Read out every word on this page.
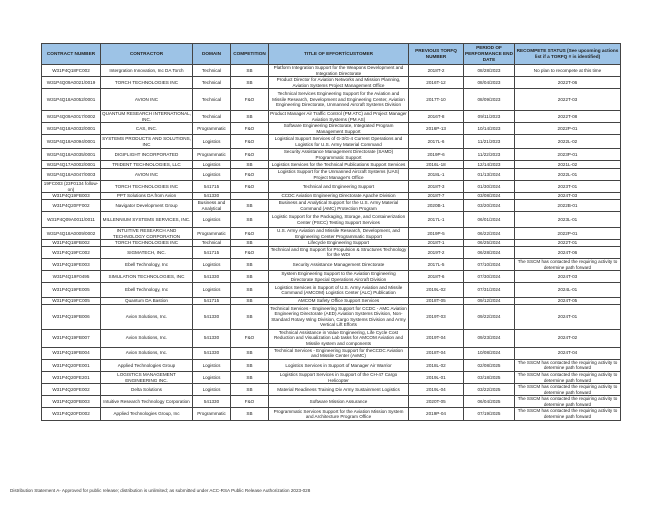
CONTRACT NUMBER	CONTRACTOR	DOMAIN	COMPETITION	TITLE OF EFFORT/CUSTOMER	PREVIOUS TORFQ NUMBER	PERIOD OF PERFORMANCE END DATE	RECOMPETE STATUS (See upcoming actions list if a TORFQ # is identified)
W31P4Q18FC002	Intergration Innovation, Inc DA Torch	Technical	SB	Platform Integration Support for the Weapons Development and Integration Directorate	2018T-2	08/28/2023	No plan to recompete at this time
W31P4Q09A0021/0019	TORCH TECHNOLOGIES INC	Technical	SB	Product Director for Aviation Networks and Mission Planning, Aviation Systems Project Management Office	2016T-12	08/04/2023	2022T-06
W31P4Q18A0052/0001	AVION INC	Technical	F&O	Technical Services Engineering Support for the Aviation and Missile Research, Development and Engineering Center, Aviation Engineering Directorate, Unmanned Aircraft Systems Division	2017T-10	08/09/2023	2022T-03
W31P4Q09A0017/0002	QUANTUM RESEARCH INTERNATIONAL, INC.	Technical	SB	Product Manager Air Traffic Control (PM ATC) and Project Manager Aviation Systems (PM AS)	2016T-8	09/11/2023	2022T-08
W31P4Q18A0032/0001	CAS, INC.	Programmatic	F&O	Software Engineering Directorate, Integrated Program Management Support	2016P-13	10/14/2023	2022P-01
W31P4Q18A0094/0001	SYSTEMS PRODUCTS AND SOLUTIONS, INC	Logistics	F&O	Logistical Support Services of G-3/G-4 Current Operations and Logistics for U.S. Army Material Command	2017L-6	11/21/2023	2022L-02
W31P4Q18A0035/0001	DIGIFLIGHT INCORPORATED	Programmatic	F&O	Security Assistance Management Directorate (SAMD) Programmatic Support	2019P-6	11/22/2023	2023P-01
W31P4Q17A0002/0001	TRIDENT TECHNOLOGIES, LLC	Logistics	SB	Logistics Services for the Technical Publications Support Services	2016L-18	12/14/2023	2021L-02
W31P4Q18A0047/0003	AVION INC	Logistics	F&O	Logistics Support for the Unmanned Aircraft Systems (UAS) Project Manager's Office	2018L-1	01/13/2024	2022L-01
19FC003 (23F0134 follow-on)	TORCH TECHNOLOGIES INC	541715	F&O	Technical and Engineering Support	2018T-3	01/30/2024	2023T-01
W31P4Q19FB003	PPT Solutions DA from Avion	541330		CCDC Aviation Engineering Directorate Apache Division	2018T-7	03/08/2024	2024T-03
W31P4Q20FF002	Navigator Development Group	Business and Analytical	SB	Business and Analytical Support for the U.S. Army Material Command (AMC) Protection Program	2020B-1	03/20/2024	2022B-01
W31P4Q09A0011/0011	MILLENNIUM SYSTEMS SERVICES, INC.	Logistics	SB	Logistic Support for the Packaging, Storage, and Containerization Center (PSCC) Testing Support Services	2017L-1	06/01/2024	2023L-01
W31P4Q18A0009/0002	INTUITIVE RESEARCH AND TECHNOLOGY CORPORATION	Programmatic	F&O	U.S. Army Aviation and Missile Research, Development, and Engineering Center Programmatic Support	2019P-5	06/22/2024	2022P-01
W31P4Q18FB002	TORCH TECHNOLOGIES INC	Technical	SB	Lifecycle Engineering Support	2018T-1	06/25/2024	2022T-01
W31P4Q19FC002	SIGMATECH, INC.	541715	F&O	Technical and Eng Support for Propulsion & Structures Technology for the WDI	2019T-2	06/28/2024	2024T-06
W31P4Q19FE003	Ebell Technology, Inc	Logistics	SB	Security Assistance Management Directorate	2017L-5	07/10/2024	The SSCM has contacted the requiring activity to determine path forward
W31P4Q19F0495	SIMULATION TECHNOLOGIES, INC	541330	SB	System Engineering Support to the Aviation Engineering Directorate Special Operations Aircraft Division	2018T-6	07/30/2024	2024T-03
W31P4Q19FE005	Ebell Technology, Inc	Logistics	SB	Logistics Services in Support of U.S. Army Aviation and Missile Command (AMCOM) Logistics Center (ALC) Publication	2019L-02	07/31/2024	2024L-01
W31P4Q19FC005	Quantum DA Bastion	541715	SB	AMCOM Safety Office Support Services	2018T-05	09/12/2024	2024T-05
W31P4Q19FB006	Avion Solutions, Inc.	541330	SB	Technical Services - Engineering Support for CCDC - AMC Aviation Engineering Directorate (AED) Aviation Systems Division, Non-Standard Rotary Wing Division, Cargo Systems Division and Army Vertical Lift Efforts	2019T-03	09/22/2024	2024T-01
W31P4Q19FB007	Avion Solutions, Inc.	541330	F&O	Technical Assistance in Value Engineering, Life Cycle Cost Reduction and Visualization Lab tasks for AMCOM Aviation and Missile system and components	2019T-04	09/23/2024	2024T-02
W31P4Q19FB004	Avion Solutions, Inc.	541330	SB	Technical Services - Engineering Support for theCCDC Aviation and Missile Center (AvMC)	2018T-04	10/08/2024	2024T-04
W31P4Q20FE001	Applied Technologies Group	Logistics	SB	Logistics Services in Support of Manager Air Warrior	2018L-02	02/08/2025	The SSCM has contacted the requiring activity to determine path forward
W31P4Q20FE201	LOGISTICS MANAGEMENT ENGINEERING INC.	Logistics	SB	Logistics Support Services in Support of the CH-47 Cargo Helicopter	2019L-01	03/18/2025	The SSCM has contacted the requiring activity to determine path forward
W31P4Q20FE002	Delta Solutions	Logistics	SB	Material Readiness Training Div Army Sustainment Logistics	2019L-04	03/22/2025	The SSCM has contacted the requiring activity to determine path forward
W31P4Q20FB003	Intuitive Research Technology Corporation	541330	F&O	Software Mission Assurance	2020T-05	06/04/2025	The SSCM has contacted the requiring activity to determine path forward
W31P4Q20FD002	Applied Technologies Group, Inc	Programmatic	SB	Programmatic Services Support for the Aviation Mission System and Architecture Program Office	2019P-04	07/19/2025	The SSCM has contacted the requiring activity to determine path forward
Distribution Statement A- Approved for public release; distribution is unlimited; as submitted under ACC-RSA Public Release Authorization 2023-028
